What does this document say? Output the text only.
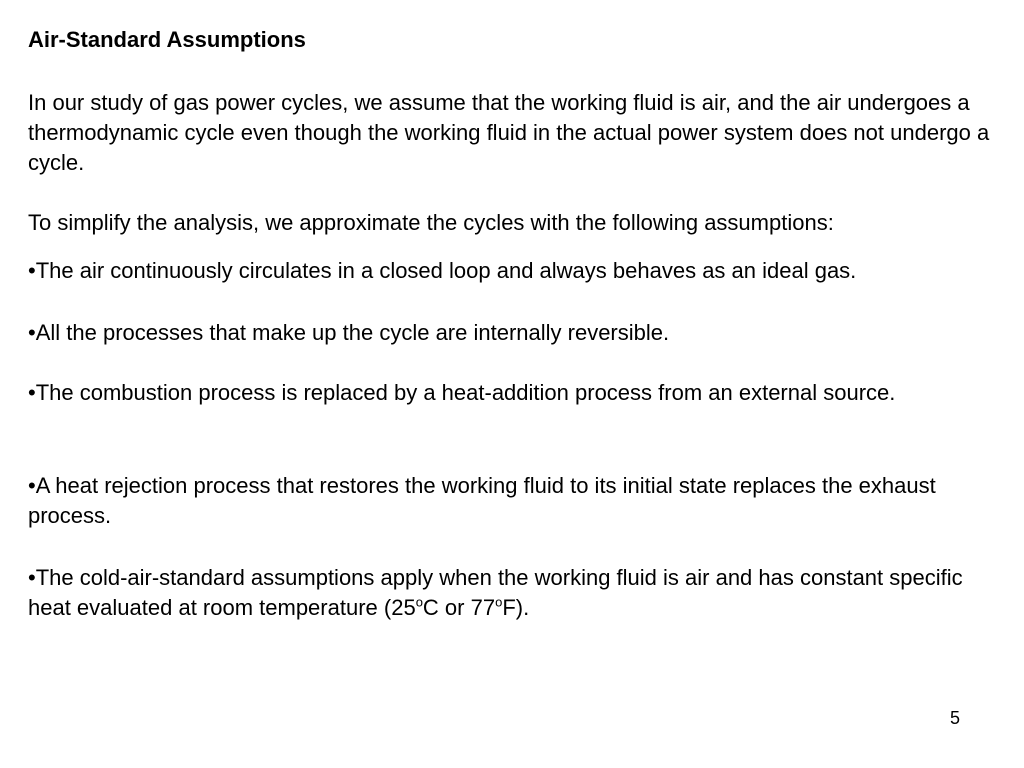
Air-Standard Assumptions

In our study of gas power cycles, we assume that the working fluid is air, and the air undergoes a thermodynamic cycle even though the working fluid in the actual power system does not undergo a cycle.

To simplify the analysis, we approximate the cycles with the following assumptions:

•The air continuously circulates in a closed loop and always behaves as an ideal gas.

•All the processes that make up the cycle are internally reversible.

•The combustion process is replaced by a heat-addition process from an external source.

•A heat rejection process that restores the working fluid to its initial state replaces the exhaust process.

•The cold-air-standard assumptions apply when the working fluid is air and has constant specific heat evaluated at room temperature (25$^o$C or 77$^o$F).

5
